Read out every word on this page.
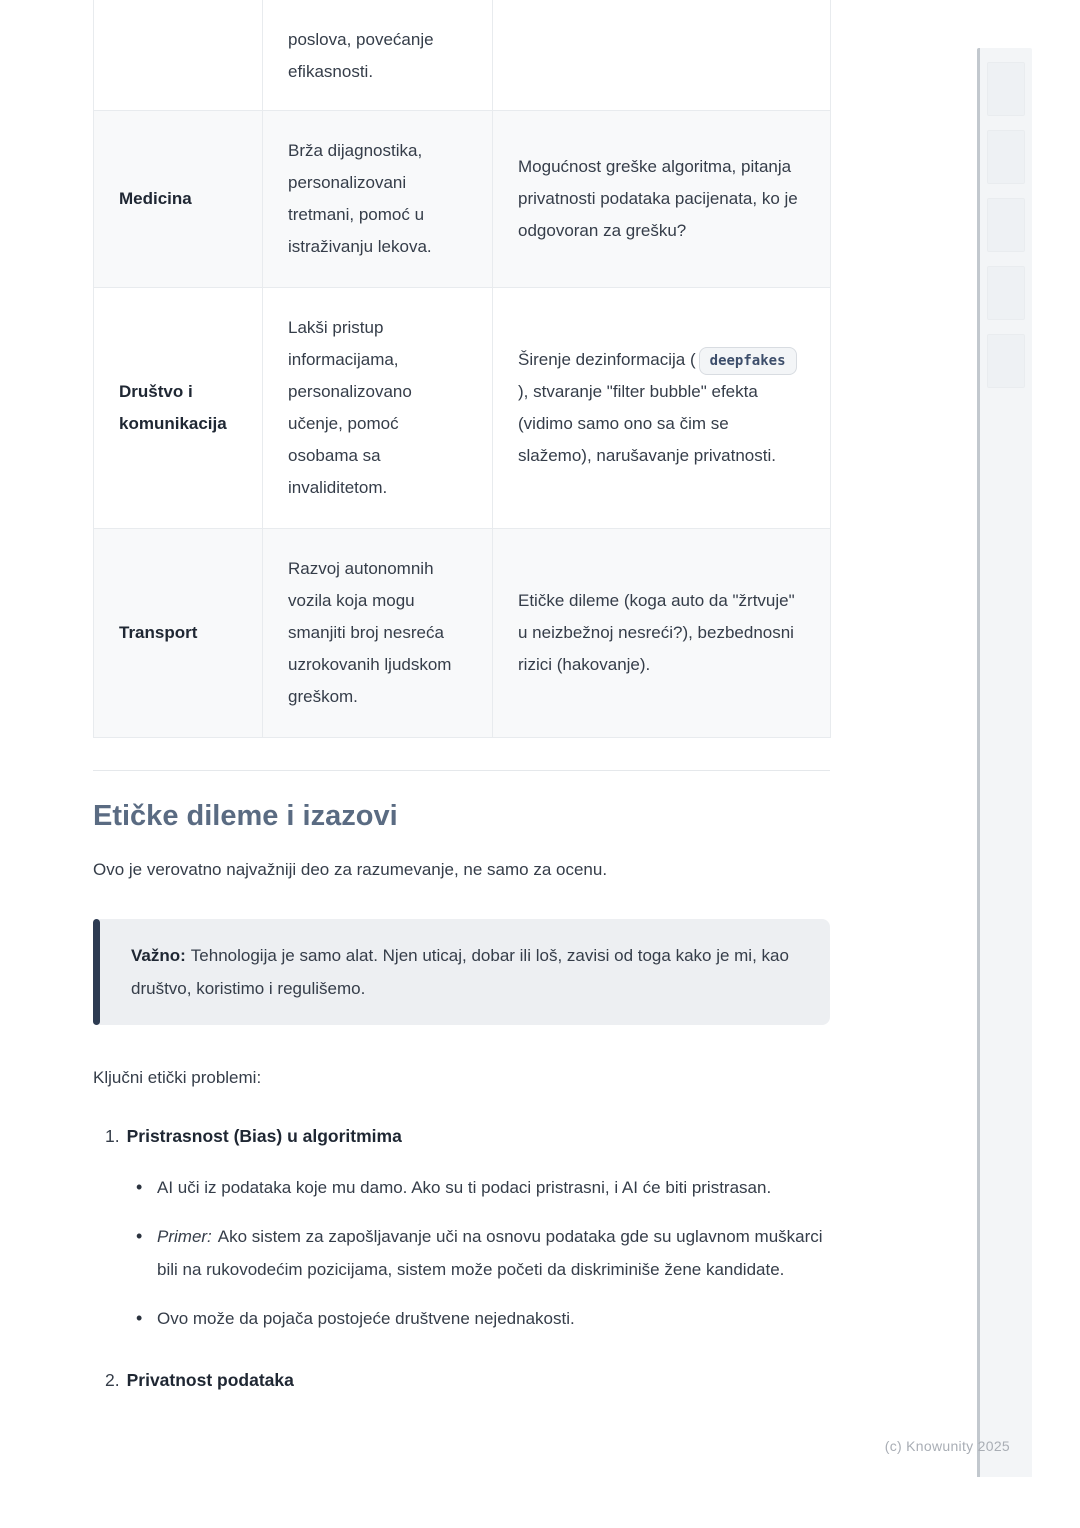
	poslova, povećanje efikasnosti.	
Medicina	Brža dijagnostika, personalizovani tretmani, pomoć u istraživanju lekova.	Mogućnost greške algoritma, pitanja privatnosti podataka pacijenata, ko je odgovoran za grešku?
Društvo i komunikacija	Lakši pristup informacijama, personalizovano učenje, pomoć osobama sa invaliditetom.	Širenje dezinformacija ( deepfakes), stvaranje "filter bubble" efekta (vidimo samo ono sa čim se slažemo), narušavanje privatnosti.
Transport	Razvoj autonomnih vozila koja mogu smanjiti broj nesreća uzrokovanih ljudskom greškom.	Etičke dileme (koga auto da "žrtvuje" u neizbežnoj nesreći?), bezbednosni rizici (hakovanje).
Etičke dileme i izazovi

Ovo je verovatno najvažniji deo za razumevanje, ne samo za ocenu.

Važno: Tehnologija je samo alat. Njen uticaj, dobar ili loš, zavisi od toga kako je mi, kao društvo, koristimo i regulišemo.

Ključni etički problemi:

1. Pristrasnost (Bias) u algoritmima
• AI uči iz podataka koje mu damo. Ako su ti podaci pristrasni, i AI će biti pristrasan.
• Primer: Ako sistem za zapošljavanje uči na osnovu podataka gde su uglavnom muškarci bili na rukovodećim pozicijama, sistem može početi da diskriminiše žene kandidate.
• Ovo može da pojača postojeće društvene nejednakosti.
2. Privatnost podataka
(c) Knowunity 2025
